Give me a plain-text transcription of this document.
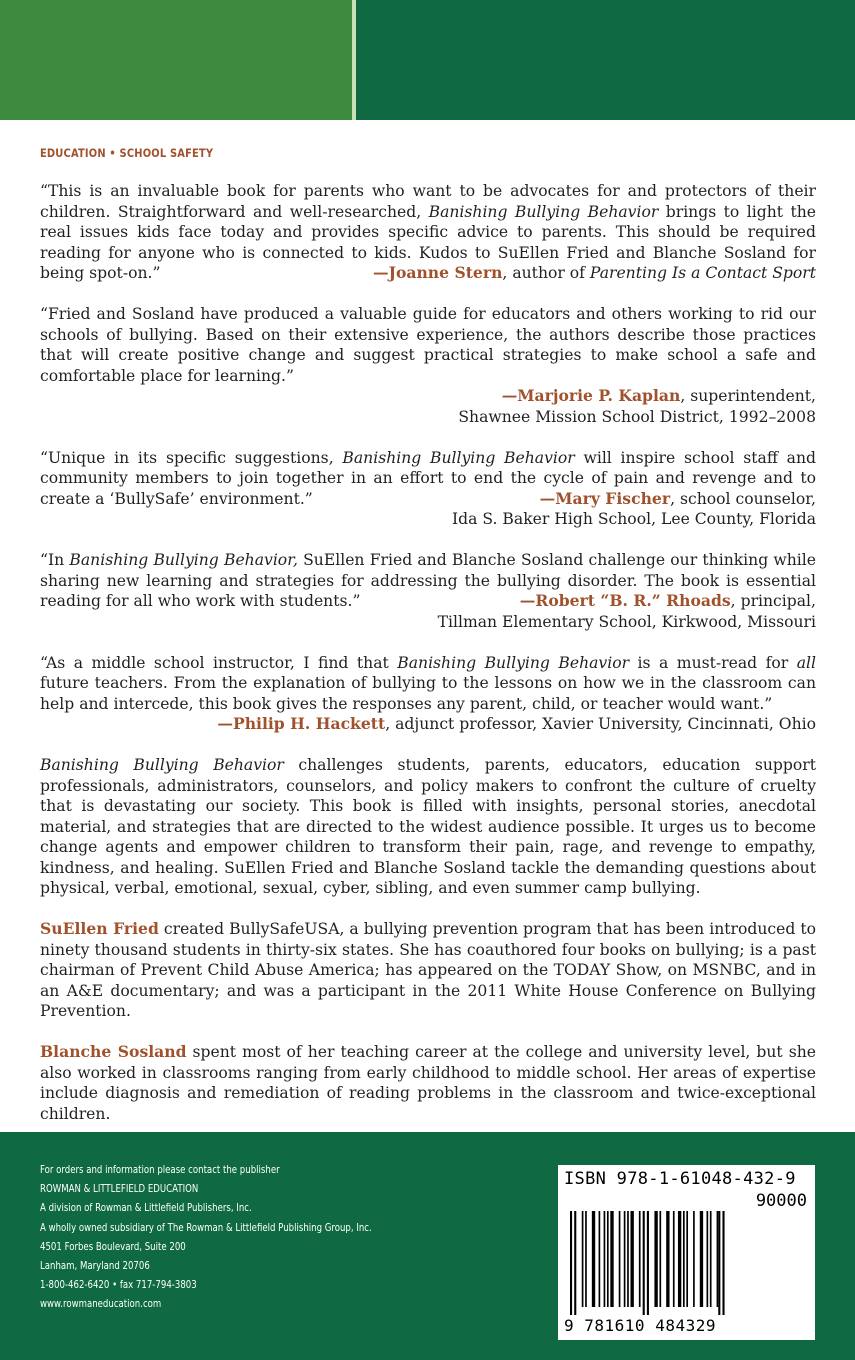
EDUCATION • SCHOOL SAFETY
“This is an invaluable book for parents who want to be advocates for and protectors of their children. Straightforward and well-researched, Banishing Bullying Behavior brings to light the real issues kids face today and provides specific advice to parents. This should be required reading for anyone who is connected to kids. Kudos to SuEllen Fried and Blanche Sosland for being spot-on.”	—Joanne Stern, author of Parenting Is a Contact Sport
“Fried and Sosland have produced a valuable guide for educators and others working to rid our schools of bullying. Based on their extensive experience, the authors describe those practices that will create positive change and suggest practical strategies to make school a safe and comfortable place for learning.”
—Marjorie P. Kaplan, superintendent,
Shawnee Mission School District, 1992–2008
“Unique in its specific suggestions, Banishing Bullying Behavior will inspire school staff and community members to join together in an effort to end the cycle of pain and revenge and to create a ‘BullySafe’ environment.”	—Mary Fischer, school counselor,
Ida S. Baker High School, Lee County, Florida
“In Banishing Bullying Behavior, SuEllen Fried and Blanche Sosland challenge our thinking while sharing new learning and strategies for addressing the bullying disorder. The book is essential reading for all who work with students.”	—Robert “B. R.” Rhoads, principal,
Tillman Elementary School, Kirkwood, Missouri
“As a middle school instructor, I find that Banishing Bullying Behavior is a must-read for all future teachers. From the explanation of bullying to the lessons on how we in the classroom can help and intercede, this book gives the responses any parent, child, or teacher would want.”
—Philip H. Hackett, adjunct professor, Xavier University, Cincinnati, Ohio
Banishing Bullying Behavior challenges students, parents, educators, education support professionals, administrators, counselors, and policy makers to confront the culture of cruelty that is devastating our society. This book is filled with insights, personal stories, anecdotal material, and strategies that are directed to the widest audience possible. It urges us to become change agents and empower children to transform their pain, rage, and revenge to empathy, kindness, and healing. SuEllen Fried and Blanche Sosland tackle the demanding questions about physical, verbal, emotional, sexual, cyber, sibling, and even summer camp bullying.
SuEllen Fried created BullySafeUSA, a bullying prevention program that has been introduced to ninety thousand students in thirty-six states. She has coauthored four books on bullying; is a past chairman of Prevent Child Abuse America; has appeared on the TODAY Show, on MSNBC, and in an A&E documentary; and was a participant in the 2011 White House Conference on Bullying Prevention.
Blanche Sosland spent most of her teaching career at the college and university level, but she also worked in classrooms ranging from early childhood to middle school. Her areas of expertise include diagnosis and remediation of reading problems in the classroom and twice-exceptional children.
For orders and information please contact the publisher
ROWMAN & LITTLEFIELD EDUCATION
A division of Rowman & Littlefield Publishers, Inc.
A wholly owned subsidiary of The Rowman & Littlefield Publishing Group, Inc.
4501 Forbes Boulevard, Suite 200
Lanham, Maryland 20706
1-800-462-6420 • fax 717-794-3803
www.rowmaneducation.com
ISBN 978-1-61048-432-9
90000
9 781610 484329
